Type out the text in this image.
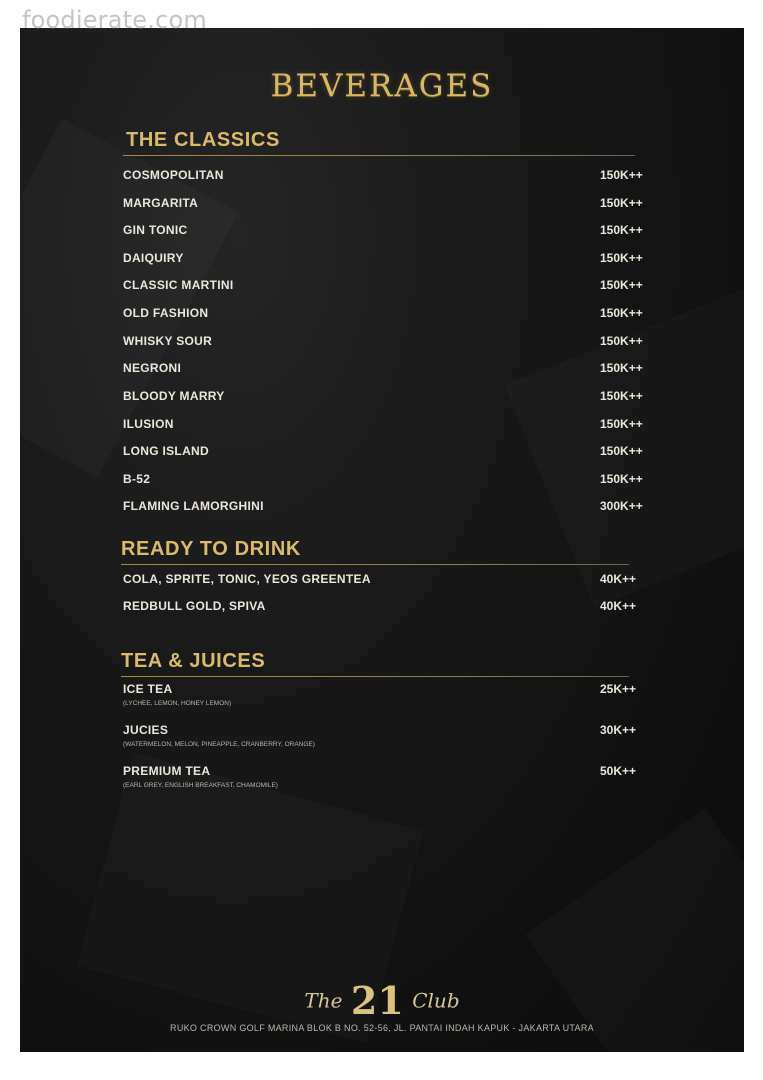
foodierate.com
BEVERAGES
THE CLASSICS
COSMOPOLITAN	150K++
MARGARITA	150K++
GIN TONIC	150K++
DAIQUIRY	150K++
CLASSIC MARTINI	150K++
OLD FASHION	150K++
WHISKY SOUR	150K++
NEGRONI	150K++
BLOODY MARRY	150K++
ILUSION	150K++
LONG ISLAND	150K++
B-52	150K++
FLAMING LAMORGHINI	300K++
READY TO DRINK
COLA, SPRITE, TONIC, YEOS GREENTEA	40K++
REDBULL GOLD, SPIVA	40K++
TEA & JUICES
ICE TEA	25K++
(LYCHEE, LEMON, HONEY LEMON)
JUCIES	30K++
(WATERMELON, MELON, PINEAPPLE, CRANBERRY, ORANGE)
PREMIUM TEA	50K++
(EARL GREY, ENGLISH BREAKFAST, CHAMOMILE)
The 21 Club
RUKO CROWN GOLF MARINA BLOK B NO. 52-56, JL. PANTAI INDAH KAPUK - JAKARTA UTARA
